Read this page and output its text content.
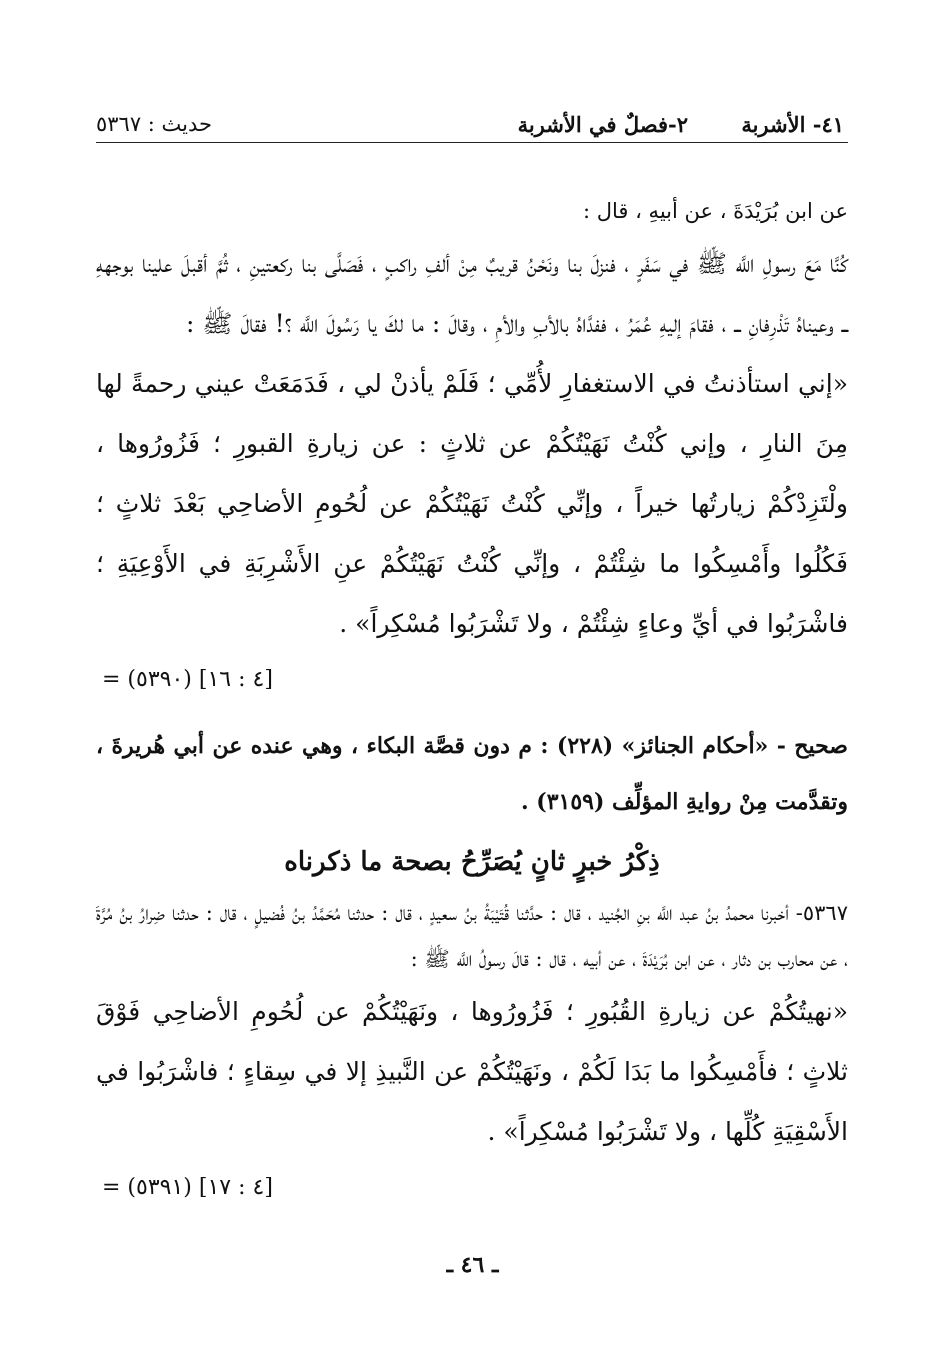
٤١- الأشربة
٢-فصلٌ في الأشربة
حديث : ٥٣٦٧

عن ابن بُرَيْدَةَ ، عن أبيهِ ، قال :

كُنَّا مَعَ رسولِ اللَّه ﷺ في سَفَرٍ ، فنزلَ بنا ونَحْنُ قريبٌ مِنْ ألفِ راكبٍ ، فَصَلَّى بنا ركعتينِ ، ثُمَّ أقبلَ علينا بوجههِ ــ وعيناهُ تَذْرِفانِ ــ ، فقامَ إليهِ عُمَرُ ، ففدَّاهُ بالأبِ والأمِ ، وقالَ : ما لكَ يا رَسُولَ اللَّه ؟! فقالَ ﷺ :

«إني استأذنتُ في الاستغفارِ لأُمِّي ؛ فَلَمْ يأذنْ لي ، فَدَمَعَتْ عيني رحمةً لها مِنَ النارِ ، وإني كُنْتُ نَهَيْتُكُمْ عن ثلاثٍ : عن زيارةِ القبورِ ؛ فَزُورُوها ، ولْتَزِدْكُمْ زيارتُها خيراً ، وإنِّي كُنْتُ نَهَيْتُكُمْ عن لُحُومِ الأضاحِي بَعْدَ ثلاثٍ ؛ فَكُلُوا وأَمْسِكُوا ما شِئْتُمْ ، وإنِّي كُنْتُ نَهَيْتُكُمْ عنِ الأَشْرِبَةِ في الأَوْعِيَةِ ؛ فاشْرَبُوا في أيِّ وعاءٍ شِئْتُمْ ، ولا تَشْرَبُوا مُسْكِراً» .

= (٥٣٩٠) [٤ : ١٦]

صحيح - «أحكام الجنائز» (٢٢٨) : م دون قصَّة البكاء ، وهي عنده عن أبي هُريرةَ ، وتقدَّمت مِنْ روايةِ المؤلِّف (٣١٥٩) .

ذِكْرُ خبرٍ ثانٍ يُصَرِّحُ بصحة ما ذكرناه

٥٣٦٧- أخبرنا محمدُ بنُ عبد اللَّه بنِ الجُنيد ، قال : حدَّثنا قُتَيْبَةُ بنُ سعيدٍ ، قال : حدثنا مُحَمَّدُ بنُ فُضيلٍ ، قال : حدثنا ضِرارُ بنُ مُرَّةَ ، عن محارب بن دثار ، عن ابن بُرَيْدَةَ ، عن أبيه ، قال : قالَ رسولُ اللَّه ﷺ :

«نهيتُكُمْ عن زيارةِ القُبُورِ ؛ فَزُورُوها ، ونَهَيْتُكُمْ عن لُحُومِ الأضاحِي فَوْقَ ثلاثٍ ؛ فأَمْسِكُوا ما بَدَا لَكُمْ ، ونَهَيْتُكُمْ عن النَّبيذِ إلا في سِقاءٍ ؛ فاشْرَبُوا في الأَسْقِيَةِ كُلِّها ، ولا تَشْرَبُوا مُسْكِراً» .

= (٥٣٩١) [٤ : ١٧]

ـ ٤٦ ـ
